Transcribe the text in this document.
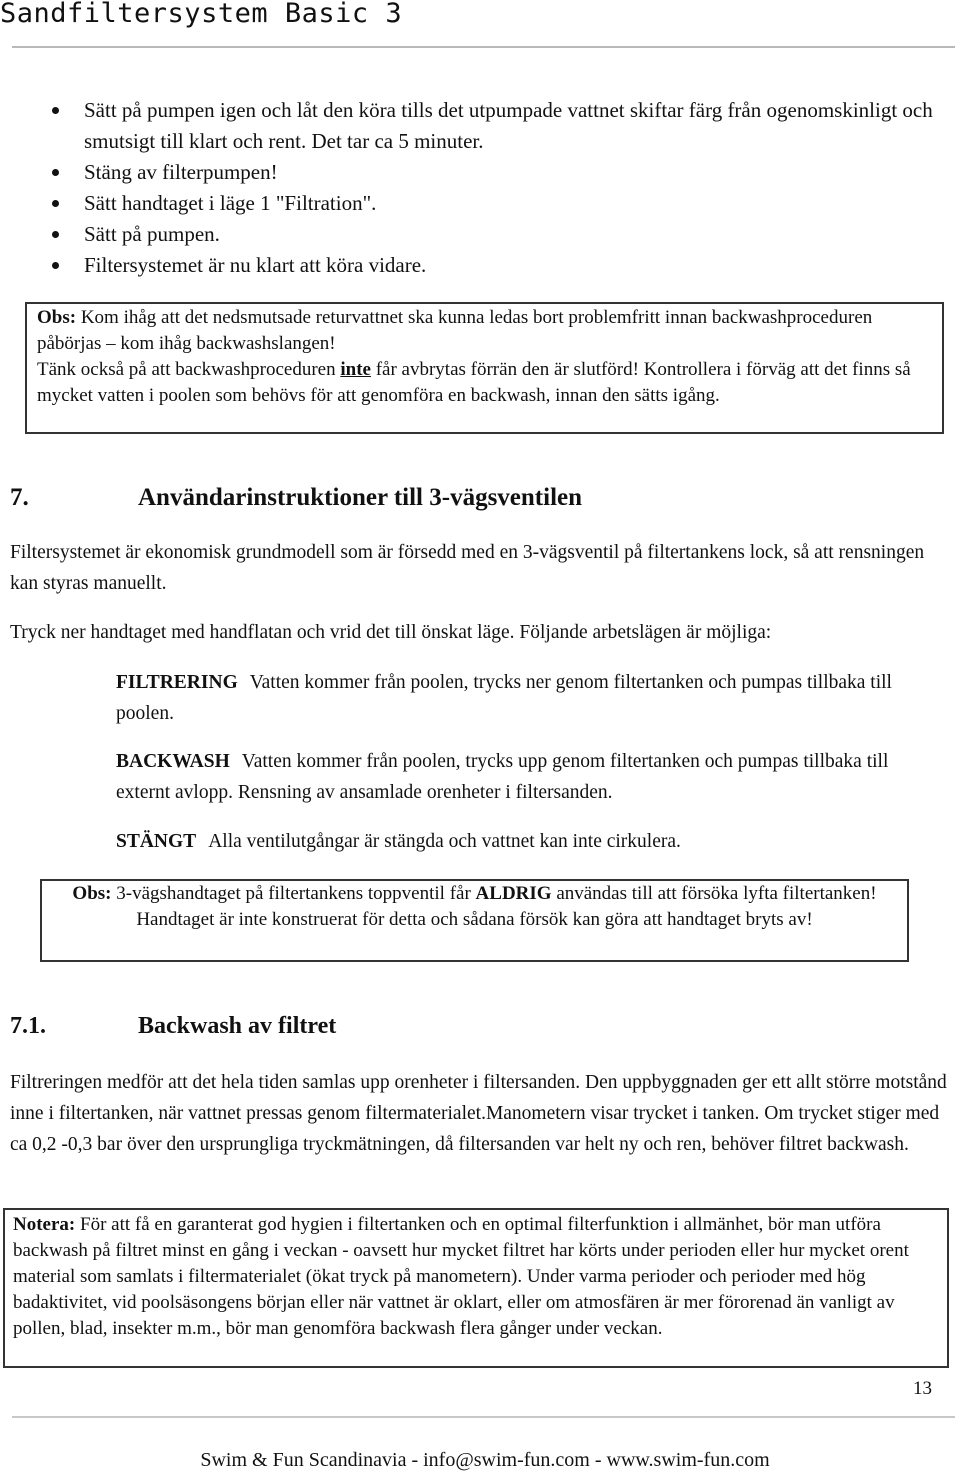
Sandfiltersystem Basic 3
Sätt på pumpen igen och låt den köra tills det utpumpade vattnet skiftar färg från ogenomskinligt och smutsigt till klart och rent. Det tar ca 5 minuter.
Stäng av filterpumpen!
Sätt handtaget i läge 1 "Filtration".
Sätt på pumpen.
Filtersystemet är nu klart att köra vidare.
Obs: Kom ihåg att det nedsmutsade returvattnet ska kunna ledas bort problemfritt innan backwashproceduren påbörjas – kom ihåg backwashslangen!
Tänk också på att backwashproceduren inte får avbrytas förrän den är slutförd! Kontrollera i förväg att det finns så mycket vatten i poolen som behövs för att genomföra en backwash, innan den sätts igång.
7.	Användarinstruktioner till 3-vägsventilen
Filtersystemet är ekonomisk grundmodell som är försedd med en 3-vägsventil på filtertankens lock, så att rensningen kan styras manuellt.
Tryck ner handtaget med handflatan och vrid det till önskat läge. Följande arbetslägen är möjliga:
FILTRERING Vatten kommer från poolen, trycks ner genom filtertanken och pumpas tillbaka till poolen.
BACKWASH Vatten kommer från poolen, trycks upp genom filtertanken och pumpas tillbaka till externt avlopp. Rensning av ansamlade orenheter i filtersanden.
STÄNGT Alla ventilutgångar är stängda och vattnet kan inte cirkulera.
Obs: 3-vägshandtaget på filtertankens toppventil får ALDRIG användas till att försöka lyfta filtertanken! Handtaget är inte konstruerat för detta och sådana försök kan göra att handtaget bryts av!
7.1.	Backwash av filtret
Filtreringen medför att det hela tiden samlas upp orenheter i filtersanden. Den uppbyggnaden ger ett allt större motstånd inne i filtertanken, när vattnet pressas genom filtermaterialet.Manometern visar trycket i tanken. Om trycket stiger med ca 0,2 -0,3 bar över den ursprungliga tryckmätningen, då filtersanden var helt ny och ren, behöver filtret backwash.
Notera: För att få en garanterat god hygien i filtertanken och en optimal filterfunktion i allmänhet, bör man utföra backwash på filtret minst en gång i veckan - oavsett hur mycket filtret har körts under perioden eller hur mycket orent material som samlats i filtermaterialet (ökat tryck på manometern). Under varma perioder och perioder med hög badaktivitet, vid poolsäsongens början eller när vattnet är oklart, eller om atmosfären är mer förorenad än vanligt av pollen, blad, insekter m.m., bör man genomföra backwash flera gånger under veckan.
13
Swim & Fun Scandinavia - info@swim-fun.com - www.swim-fun.com
